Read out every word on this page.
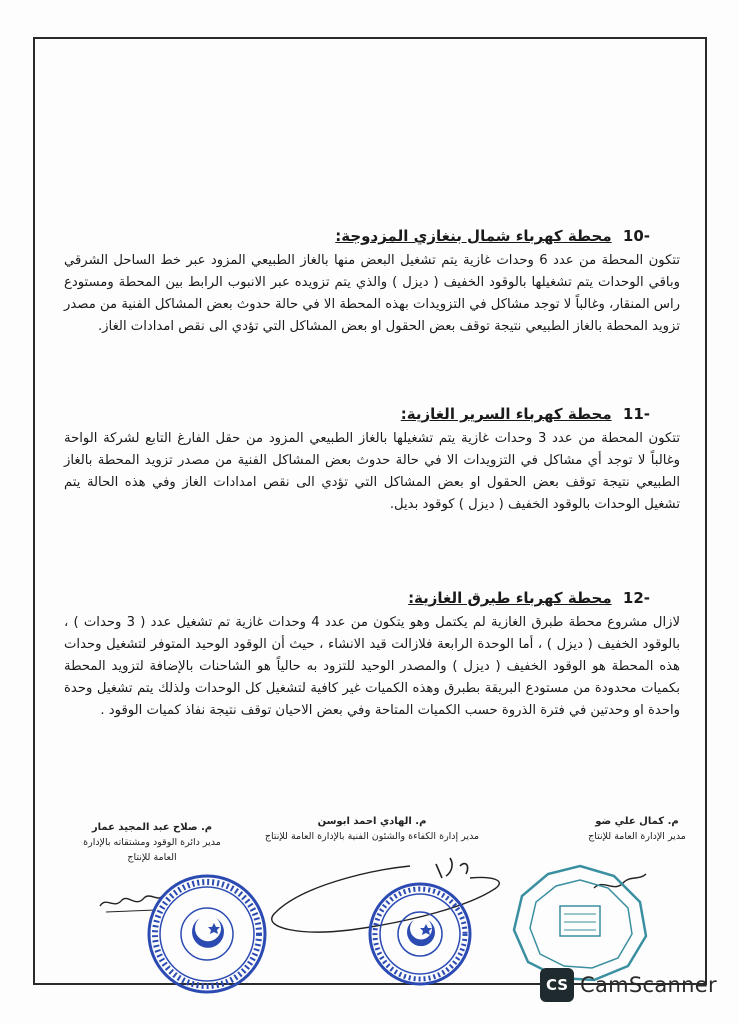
-10 محطة كهرباء شمال بنغازي المزدوجة:

تتكون المحطة من عدد 6 وحدات غازية يتم تشغيل البعض منها بالغاز الطبيعي المزود عبر خط الساحل الشرقي وباقي الوحدات يتم تشغيلها بالوقود الخفيف ( ديزل ) والذي يتم تزويده عبر الانبوب الرابط بين المحطة ومستودع راس المنقار، وغالباً لا توجد مشاكل في التزويدات بهذه المحطة الا في حالة حدوث بعض المشاكل الفنية من مصدر تزويد المحطة بالغاز الطبيعي نتيجة توقف بعض الحقول او بعض المشاكل التي تؤدي الى نقص امدادات الغاز.

-11 محطة كهرباء السرير الغازية:

تتكون المحطة من عدد 3 وحدات غازية يتم تشغيلها بالغاز الطبيعي المزود من حقل الفارغ التابع لشركة الواحة وغالباً لا توجد أي مشاكل في التزويدات الا في حالة حدوث بعض المشاكل الفنية من مصدر تزويد المحطة بالغاز الطبيعي نتيجة توقف بعض الحقول او بعض المشاكل التي تؤدي الى نقص امدادات الغاز وفي هذه الحالة يتم تشغيل الوحدات بالوقود الخفيف ( ديزل ) كوقود بديل.

-12 محطة كهرباء طبرق الغازية:

لازال مشروع محطة طبرق الغازية لم يكتمل وهو يتكون من عدد 4 وحدات غازية تم تشغيل عدد ( 3 وحدات ) ، بالوقود الخفيف ( ديزل ) ، أما الوحدة الرابعة فلازالت قيد الانشاء ، حيث أن الوقود الوحيد المتوفر لتشغيل وحدات هذه المحطة هو الوقود الخفيف ( ديزل ) والمصدر الوحيد للتزود به حالياً هو الشاحنات بالإضافة لتزويد المحطة بكميات محدودة من مستودع البريقة بطبرق وهذه الكميات غير كافية لتشغيل كل الوحدات ولذلك يتم تشغيل وحدة واحدة او وحدتين في فترة الذروة حسب الكميات المتاحة وفي بعض الاحيان توقف نتيجة نفاذ كميات الوقود .

م. كمال علي ضو
مدير الإدارة العامة للإنتاج
م. الهادي احمد ابوسن
مدير إدارة الكفاءة والشئون الفنية بالإدارة العامة للإنتاج
م. صلاح عبد المجيد عمار
مدير دائرة الوقود ومشتقاته بالإدارة
العامة للإنتاج
CS CamScanner
